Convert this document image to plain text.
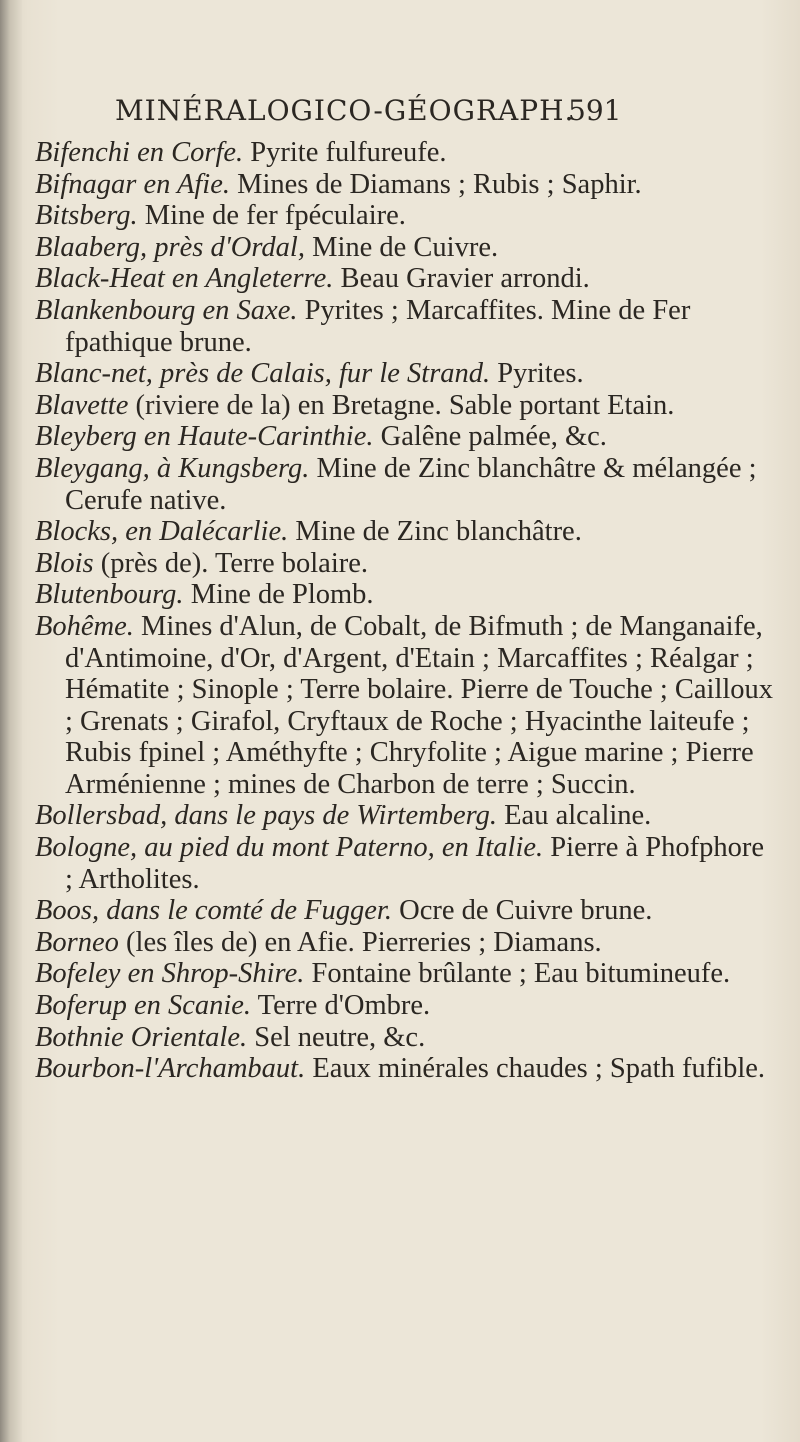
MINÉRALOGICO-GÉOGRAPH.
591
Bifenchi en Corfe. Pyrite fulfureufe.
Bifnagar en Afie. Mines de Diamans ; Rubis ; Saphir.
Bitsberg. Mine de fer fpéculaire.
Blaaberg, près d'Ordal, Mine de Cuivre.
Black-Heat en Angleterre. Beau Gravier arrondi.
Blankenbourg en Saxe. Pyrites ; Marcaffites. Mine de Fer fpathique brune.
Blanc-net, près de Calais, fur le Strand. Pyrites.
Blavette (riviere de la) en Bretagne. Sable portant Etain.
Bleyberg en Haute-Carinthie. Galêne palmée, &c.
Bleygang, à Kungsberg. Mine de Zinc blanchâtre & mélangée ; Cerufe native.
Blocks, en Dalécarlie. Mine de Zinc blanchâtre.
Blois (près de). Terre bolaire.
Blutenbourg. Mine de Plomb.
Bohême. Mines d'Alun, de Cobalt, de Bifmuth ; de Manganaife, d'Antimoine, d'Or, d'Argent, d'Etain ; Marcaffites ; Réalgar ; Hématite ; Sinople ; Terre bolaire. Pierre de Touche ; Cailloux ; Grenats ; Girafol, Cryftaux de Roche ; Hyacinthe laiteufe ; Rubis fpinel ; Améthyfte ; Chryfolite ; Aigue marine ; Pierre Arménienne ; mines de Charbon de terre ; Succin.
Bollersbad, dans le pays de Wirtemberg. Eau alcaline.
Bologne, au pied du mont Paterno, en Italie. Pierre à Phofphore ; Artholites.
Boos, dans le comté de Fugger. Ocre de Cuivre brune.
Borneo (les îles de) en Afie. Pierreries ; Diamans.
Bofeley en Shrop-Shire. Fontaine brûlante ; Eau bitumineufe.
Boferup en Scanie. Terre d'Ombre.
Bothnie Orientale. Sel neutre, &c.
Bourbon-l'Archambaut. Eaux minérales chaudes ; Spath fufible.
